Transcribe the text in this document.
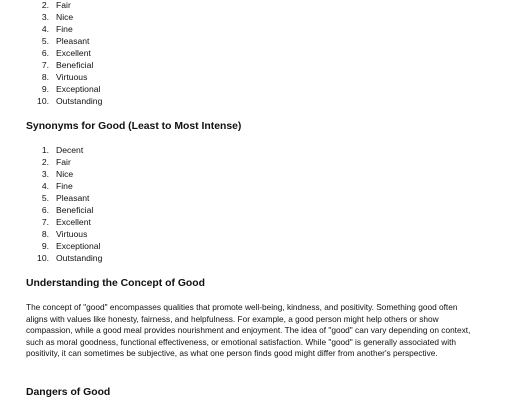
2. Fair
3. Nice
4. Fine
5. Pleasant
6. Excellent
7. Beneficial
8. Virtuous
9. Exceptional
10. Outstanding
Synonyms for Good (Least to Most Intense)
1. Decent
2. Fair
3. Nice
4. Fine
5. Pleasant
6. Beneficial
7. Excellent
8. Virtuous
9. Exceptional
10. Outstanding
Understanding the Concept of Good

The concept of "good" encompasses qualities that promote well-being, kindness, and positivity. Something good often aligns with values like honesty, fairness, and helpfulness. For example, a good person might help others or show compassion, while a good meal provides nourishment and enjoyment. The idea of "good" can vary depending on context, such as moral goodness, functional effectiveness, or emotional satisfaction. While "good" is generally associated with positivity, it can sometimes be subjective, as what one person finds good might differ from another's perspective.

Dangers of Good
